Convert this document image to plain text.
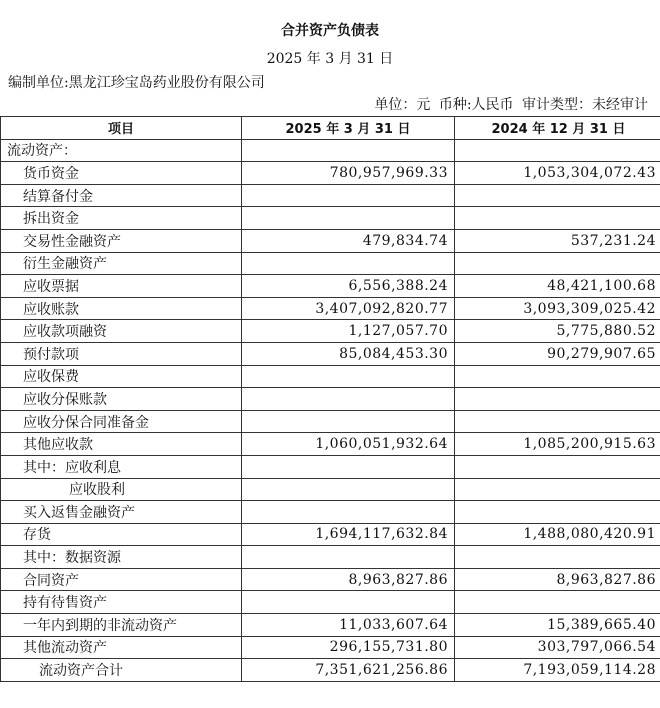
合并资产负债表
2025 年 3 月 31 日
编制单位:黑龙江珍宝岛药业股份有限公司
单位：元 币种:人民币 审计类型：未经审计
项目	2025 年 3 月 31 日	2024 年 12 月 31 日
流动资产：		
货币资金	780,957,969.33	1,053,304,072.43
结算备付金		
拆出资金		
交易性金融资产	479,834.74	537,231.24
衍生金融资产		
应收票据	6,556,388.24	48,421,100.68
应收账款	3,407,092,820.77	3,093,309,025.42
应收款项融资	1,127,057.70	5,775,880.52
预付款项	85,084,453.30	90,279,907.65
应收保费		
应收分保账款		
应收分保合同准备金		
其他应收款	1,060,051,932.64	1,085,200,915.63
其中：应收利息		
应收股利		
买入返售金融资产		
存货	1,694,117,632.84	1,488,080,420.91
其中：数据资源		
合同资产	8,963,827.86	8,963,827.86
持有待售资产		
一年内到期的非流动资产	11,033,607.64	15,389,665.40
其他流动资产	296,155,731.80	303,797,066.54
流动资产合计	7,351,621,256.86	7,193,059,114.28
